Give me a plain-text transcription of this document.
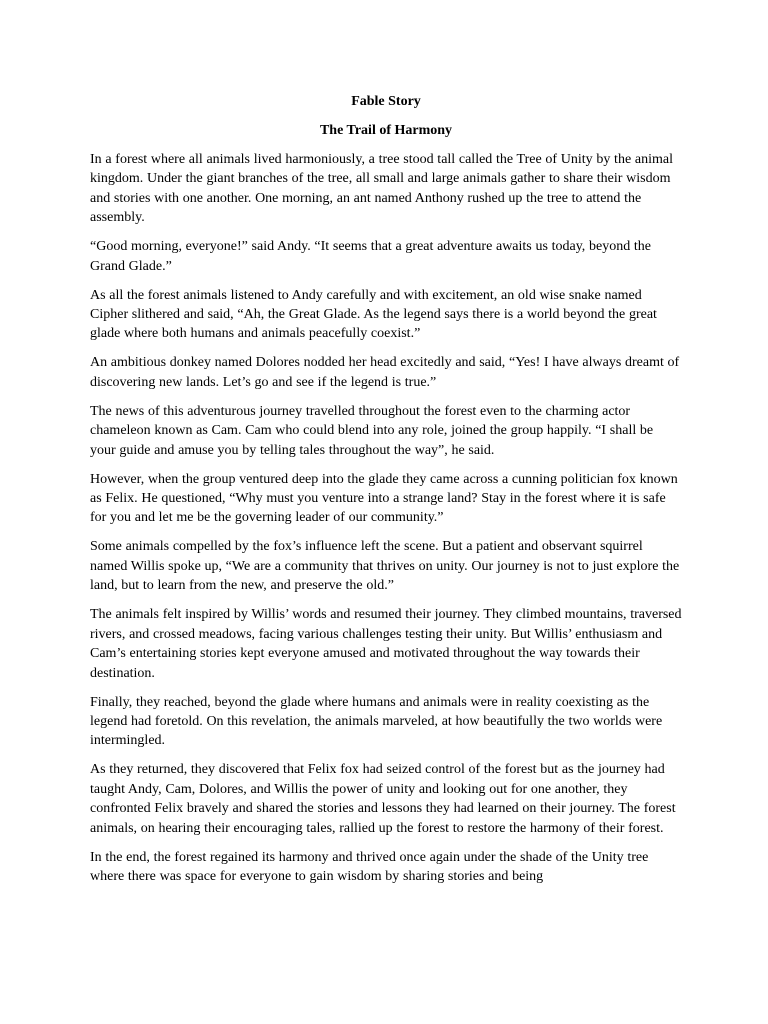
Fable Story

The Trail of Harmony

In a forest where all animals lived harmoniously, a tree stood tall called the Tree of Unity by the animal kingdom. Under the giant branches of the tree, all small and large animals gather to share their wisdom and stories with one another. One morning, an ant named Anthony rushed up the tree to attend the assembly.

“Good morning, everyone!” said Andy. “It seems that a great adventure awaits us today, beyond the Grand Glade.”

As all the forest animals listened to Andy carefully and with excitement, an old wise snake named Cipher slithered and said, “Ah, the Great Glade. As the legend says there is a world beyond the great glade where both humans and animals peacefully coexist.”

An ambitious donkey named Dolores nodded her head excitedly and said, “Yes! I have always dreamt of discovering new lands. Let’s go and see if the legend is true.”

The news of this adventurous journey travelled throughout the forest even to the charming actor chameleon known as Cam. Cam who could blend into any role, joined the group happily. “I shall be your guide and amuse you by telling tales throughout the way”, he said.

However, when the group ventured deep into the glade they came across a cunning politician fox known as Felix. He questioned, “Why must you venture into a strange land? Stay in the forest where it is safe for you and let me be the governing leader of our community.”

Some animals compelled by the fox’s influence left the scene. But a patient and observant squirrel named Willis spoke up, “We are a community that thrives on unity. Our journey is not to just explore the land, but to learn from the new, and preserve the old.”

The animals felt inspired by Willis’ words and resumed their journey. They climbed mountains, traversed rivers, and crossed meadows, facing various challenges testing their unity. But Willis’ enthusiasm and Cam’s entertaining stories kept everyone amused and motivated throughout the way towards their destination.

Finally, they reached, beyond the glade where humans and animals were in reality coexisting as the legend had foretold. On this revelation, the animals marveled, at how beautifully the two worlds were intermingled.

As they returned, they discovered that Felix fox had seized control of the forest but as the journey had taught Andy, Cam, Dolores, and Willis the power of unity and looking out for one another, they confronted Felix bravely and shared the stories and lessons they had learned on their journey. The forest animals, on hearing their encouraging tales, rallied up the forest to restore the harmony of their forest.

In the end, the forest regained its harmony and thrived once again under the shade of the Unity tree where there was space for everyone to gain wisdom by sharing stories and being
